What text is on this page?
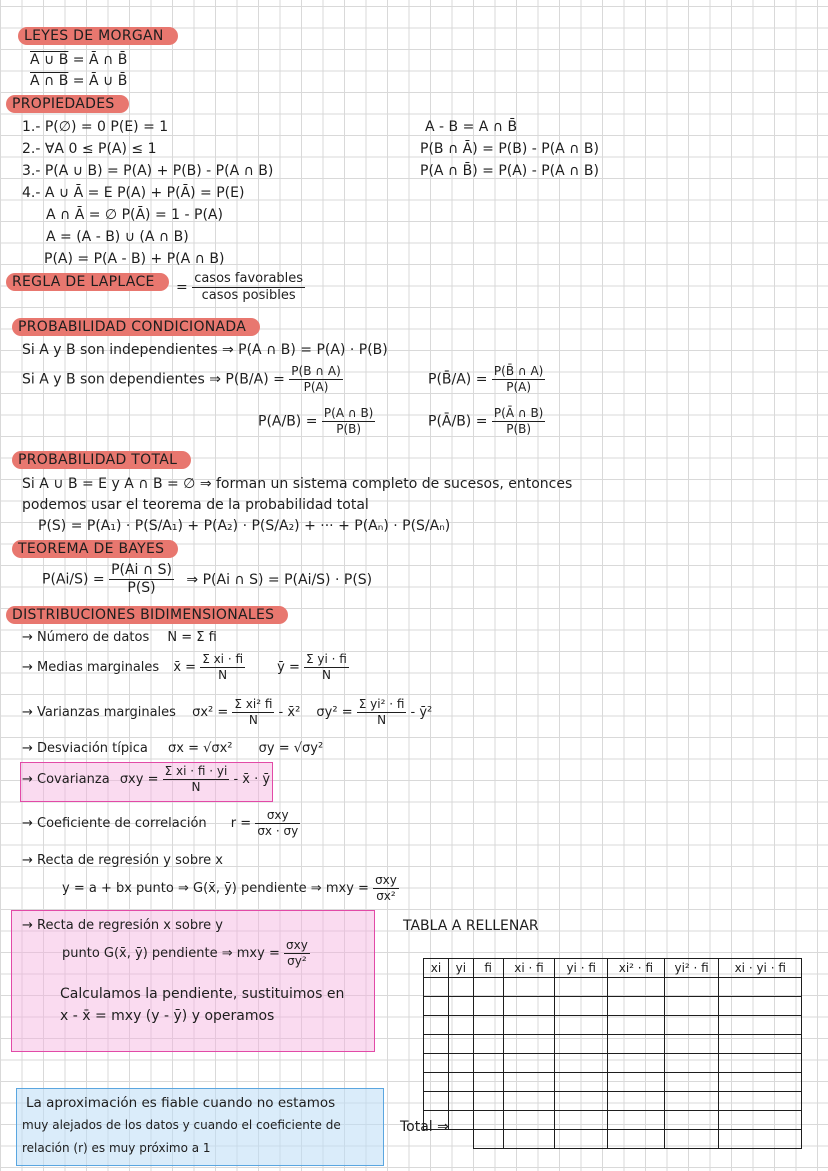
LEYES DE MORGAN
A ∪ B = Ā ∩ B̄
A ∩ B = Ā ∪ B̄
PROPIEDADES
1.- P(∅) = 0 P(E) = 1
2.- ∀A 0 ≤ P(A) ≤ 1
3.- P(A ∪ B) = P(A) + P(B) - P(A ∩ B)
4.- A ∪ Ā = E P(A) + P(Ā) = P(E)
A ∩ Ā = ∅ P(Ā) = 1 - P(A)
A = (A - B) ∪ (A ∩ B)
P(A) = P(A - B) + P(A ∩ B)
A - B = A ∩ B̄
P(B ∩ Ā) = P(B) - P(A ∩ B)
P(A ∩ B̄) = P(A) - P(A ∩ B)
REGLA DE LAPLACE	= $\frac{\text{casos favorables}}{\text{casos posibles}}$
PROBABILIDAD CONDICIONADA
Si A y B son independientes ⇒ P(A ∩ B) = P(A) · P(B)
Si A y B son dependientes ⇒ $P(B/A) = \frac{P(B \cap A)}{P(A)}$	P(B̄/A) = $\frac{P(B̄ \cap A)}{P(A)}$
$P(A/B) = \frac{P(A \cap B)}{P(B)}$	P(Ā/B) = $\frac{P(Ā \cap B)}{P(B)}$
PROBABILIDAD TOTAL
Si A ∪ B = E y A ∩ B = ∅ ⇒ forman un sistema completo de sucesos, entonces
podemos usar el teorema de la probabilidad total
P(S) = P(A₁) · P(S/A₁) + P(A₂) · P(S/A₂) + ··· + P(Aₙ) · P(S/Aₙ)
TEOREMA DE BAYES
$P(Ai/S) = \frac{P(Ai \cap S)}{P(S)}$ ⇒ P(Ai ∩ S) = P(Ai/S) · P(S)
DISTRIBUCIONES BIDIMENSIONALES
→ Número de datos N = Σ fi
→ Medias marginales x̄ = $\frac{\text{Σ xi · fi}}{N}$ ȳ = $\frac{\text{Σ yi · fi}}{N}$
→ Varianzas marginales $\sigma x^2 = \frac{\text{Σ xi² fi}}{N}$ - x̄² $\sigma y^2 = \frac{\text{Σ yi² · fi}}{N}$ - ȳ²
→ Desviación típica σx = √σx² σy = √σy²
→ Covarianza $\sigma xy = \frac{\text{Σ xi · fi · yi}}{N}$ - x̄ · ȳ
→ Coeficiente de correlación $r = \frac{\text{σxy}}{\sigma x \cdot \sigma y}$
→ Recta de regresión y sobre x
y = a + bx punto ⇒ G(x̄, ȳ) pendiente ⇒ mxy = $\frac{\text{σxy}}{\text{σx²}}$
→ Recta de regresión x sobre y
punto G(x̄, ȳ) pendiente ⇒ mxy = $\frac{\text{σxy}}{\text{σy²}}$
Calculamos la pendiente, sustituimos en
x - x̄ = mxy (y - ȳ) y operamos
La aproximación es fiable cuando no estamos
muy alejados de los datos y cuando el coeficiente de
relación (r) es muy próximo a 1
TABLA A RELLENAR
xi	yi	fi	xi · fi	yi · fi	xi² · fi	yi² · fi	xi · yi · fi

Total ⇒
